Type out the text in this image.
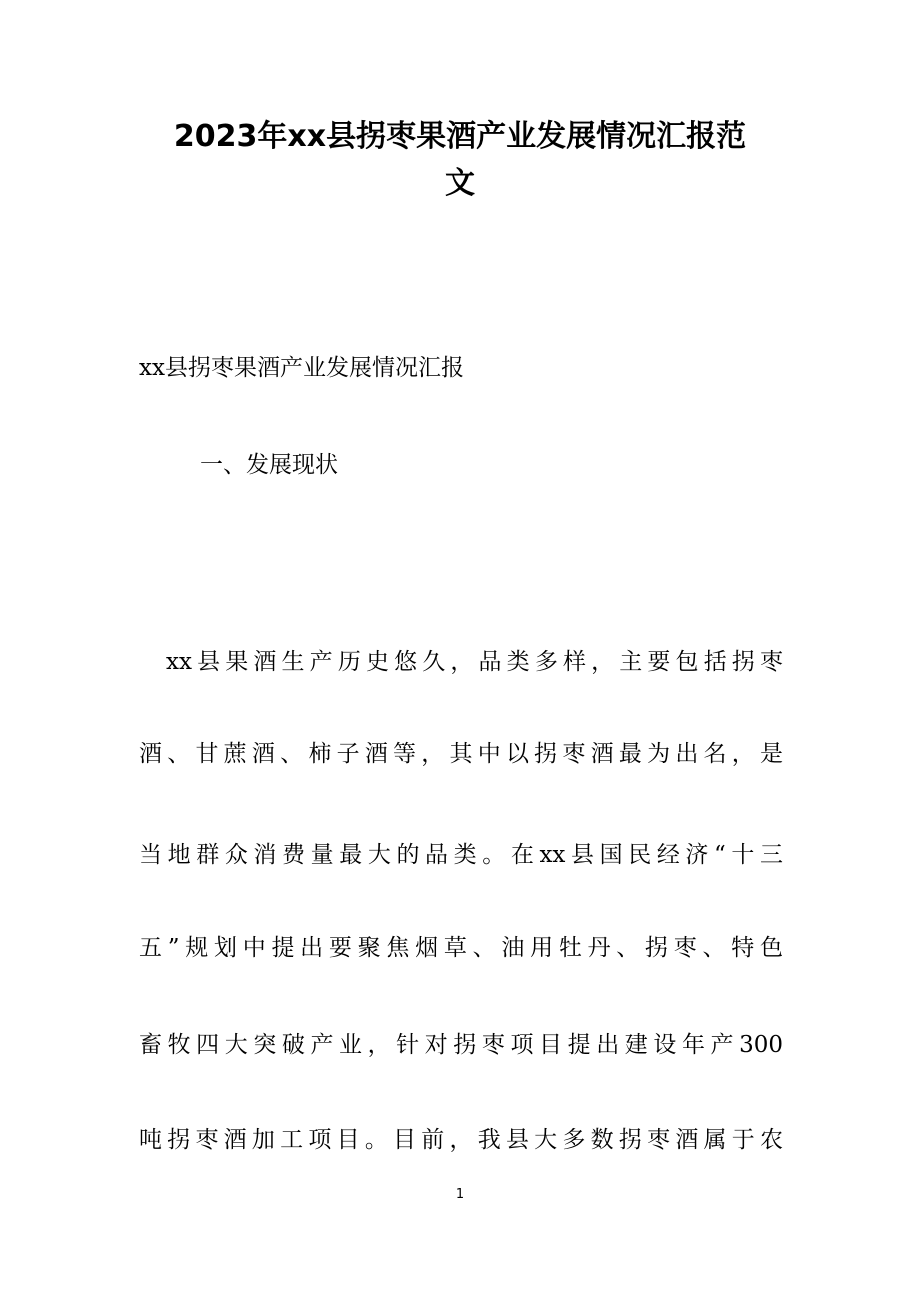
2023年xx县拐枣果酒产业发展情况汇报范
文

xx县拐枣果酒产业发展情况汇报

一、发展现状

xx县果酒生产历史悠久，品类多样，主要包括拐枣

酒、甘蔗酒、柿子酒等，其中以拐枣酒最为出名，是

当地群众消费量最大的品类。在xx县国民经济“十三

五”规划中提出要聚焦烟草、油用牡丹、拐枣、特色

畜牧四大突破产业，针对拐枣项目提出建设年产300

吨拐枣酒加工项目。目前，我县大多数拐枣酒属于农

1
